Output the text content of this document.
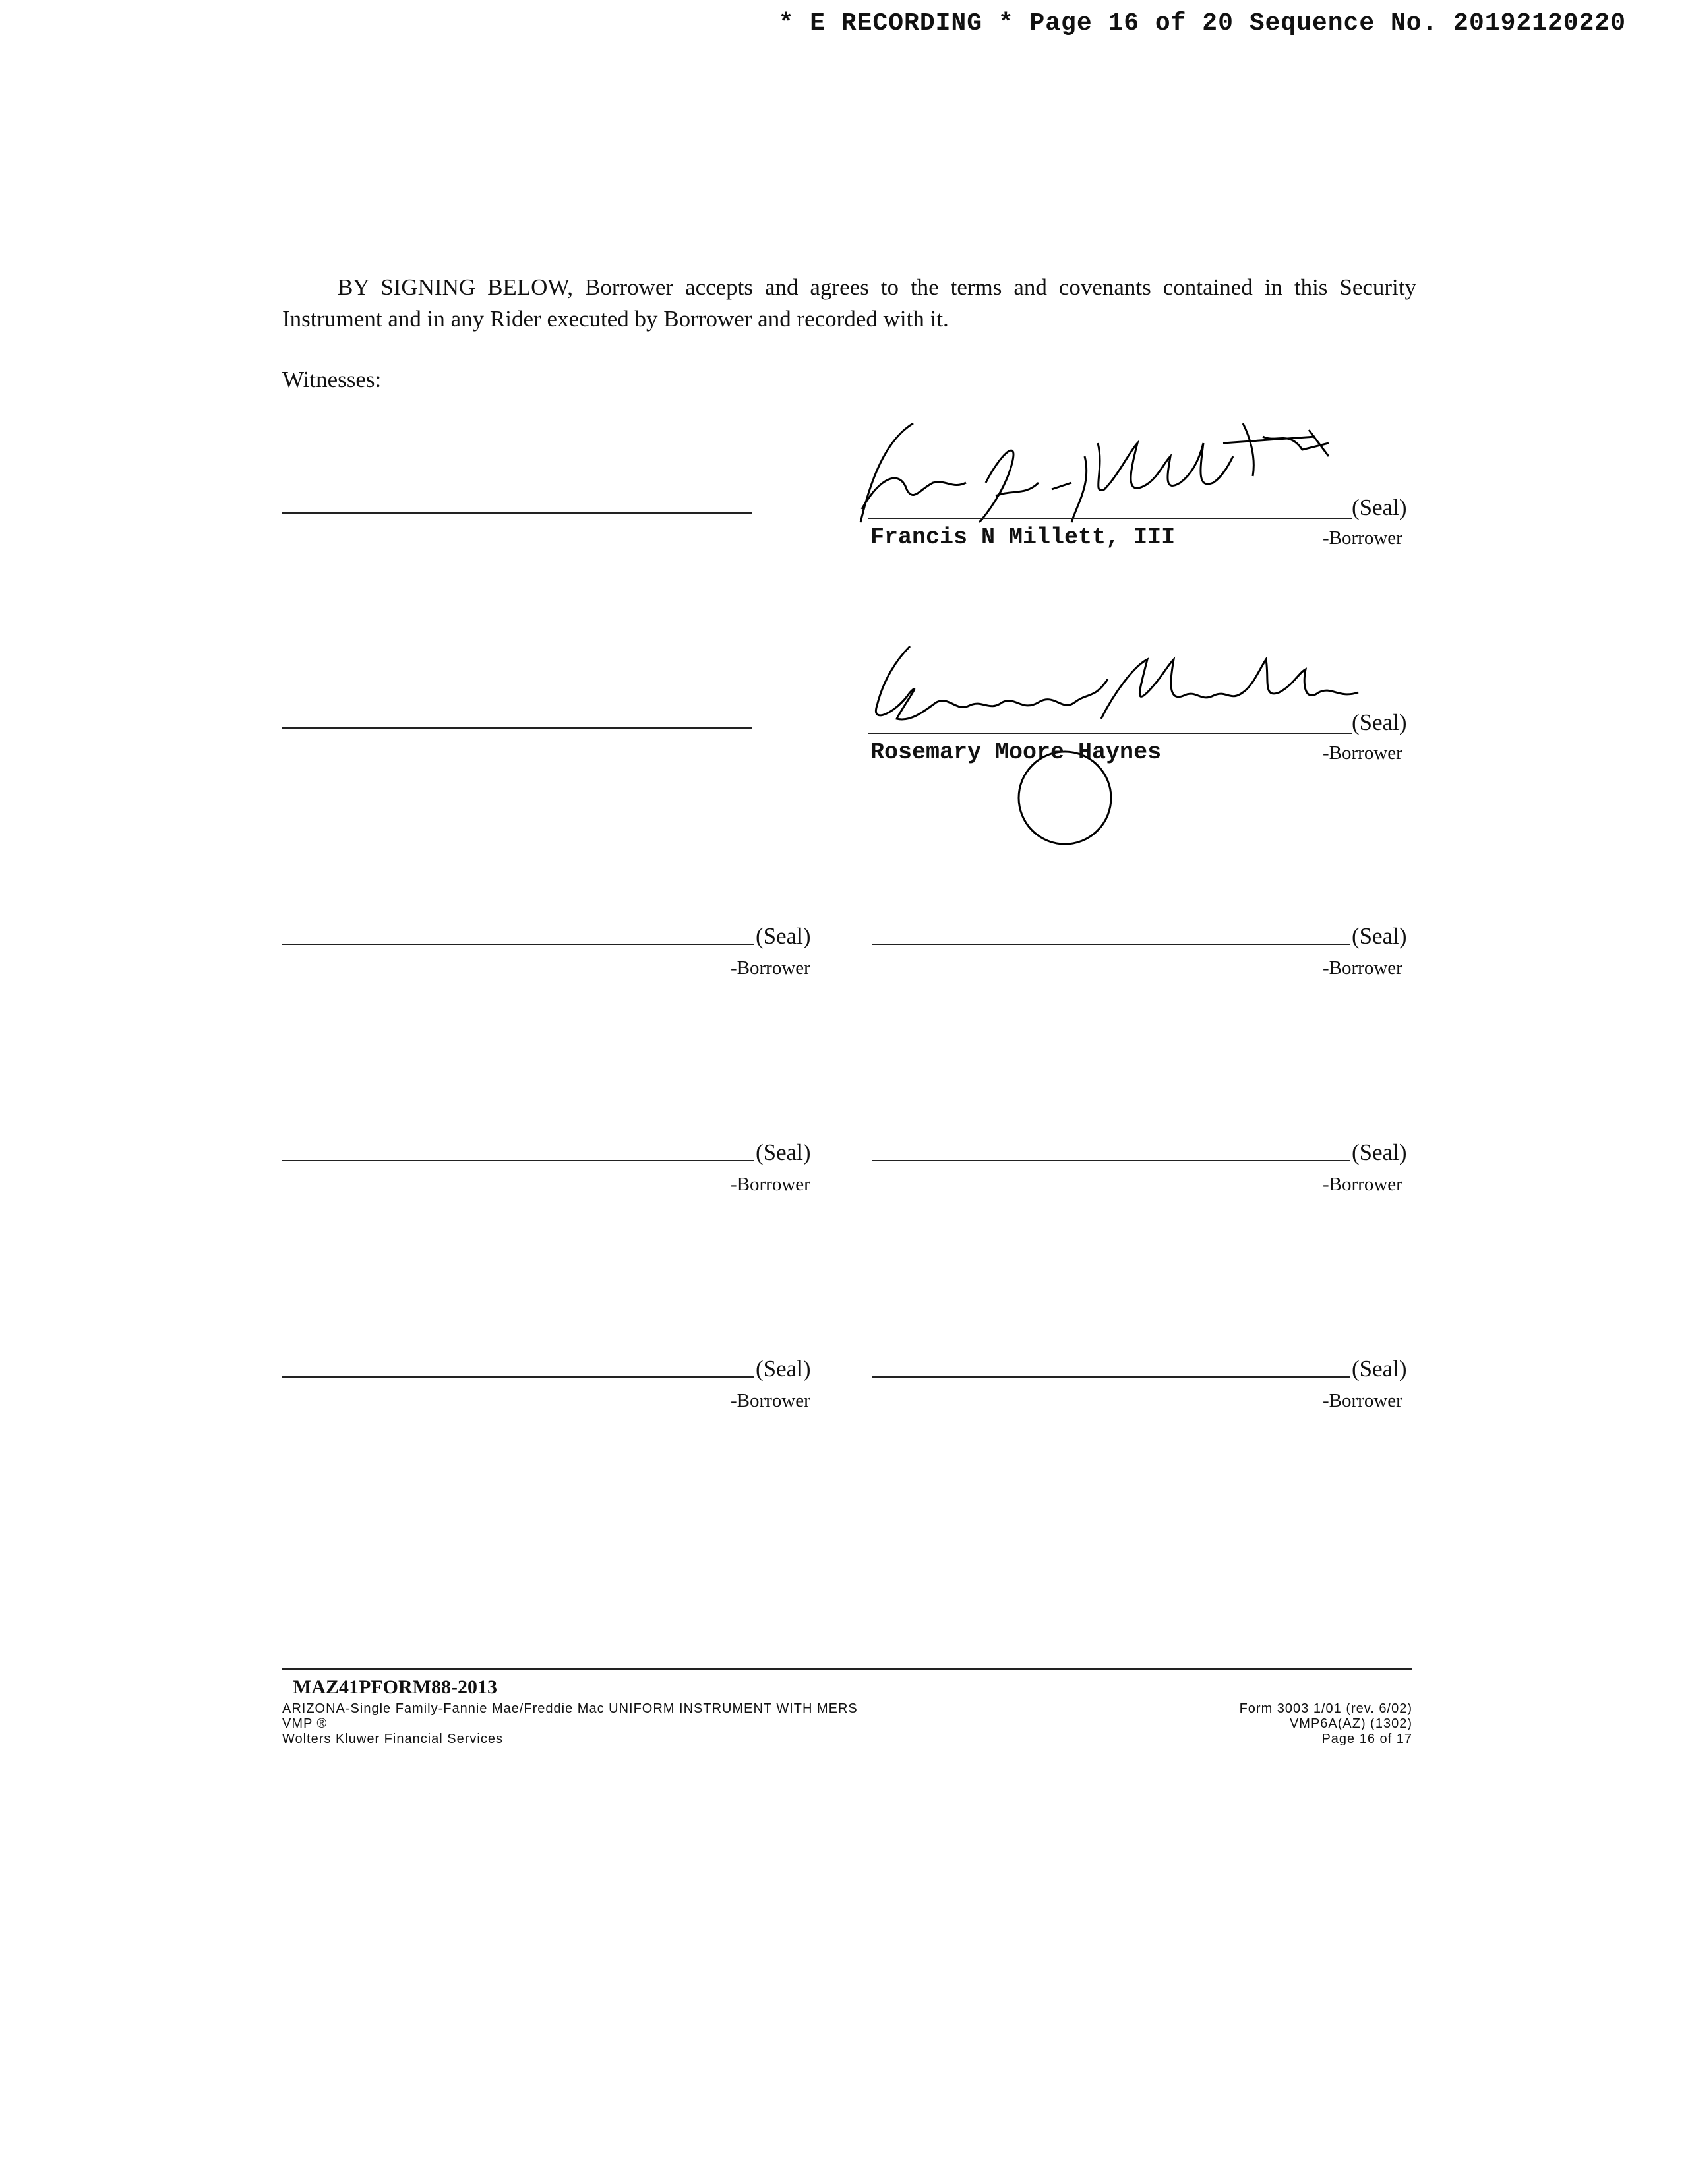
* E RECORDING * Page 16 of 20 Sequence No. 20192120220
BY SIGNING BELOW, Borrower accepts and agrees to the terms and covenants contained in this Security Instrument and in any Rider executed by Borrower and recorded with it.
Witnesses:
(Seal)
Francis N Millett, III	-Borrower
(Seal)
Rosemary Moore Haynes	-Borrower
(Seal)
-Borrower
(Seal)
-Borrower
(Seal)
-Borrower
(Seal)
-Borrower
(Seal)
-Borrower
(Seal)
-Borrower
MAZ41PFORM88-2013
ARIZONA-Single Family-Fannie Mae/Freddie Mac UNIFORM INSTRUMENT WITH MERS
VMP ®
Wolters Kluwer Financial Services
Form 3003 1/01 (rev. 6/02)
VMP6A(AZ) (1302)
Page 16 of 17
